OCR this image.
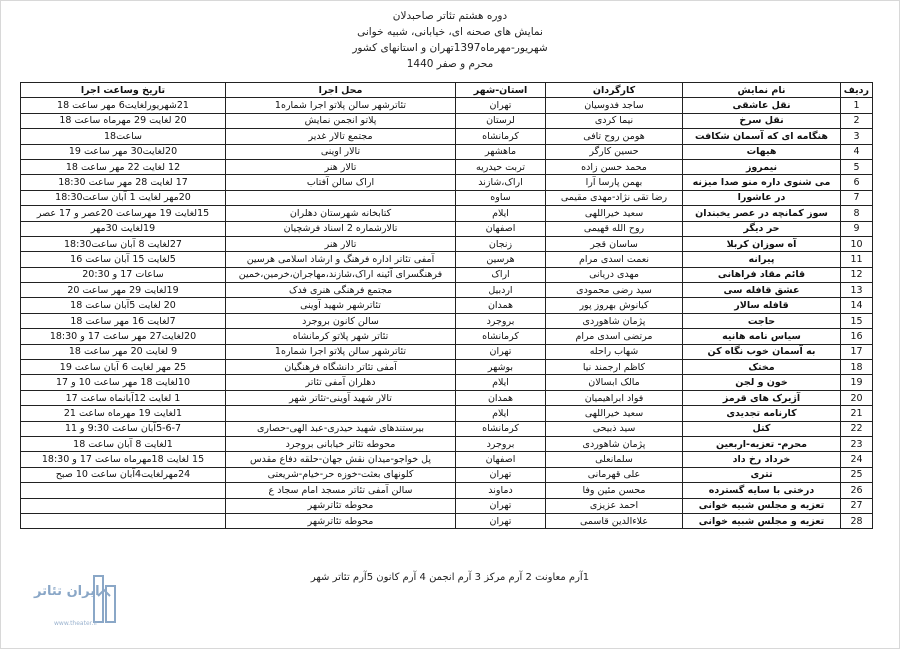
دوره هشتم تئاتر صاحبدلان
نمایش های صحنه ای، خیابانی، شبیه خوانی
شهریور-مهرماه1397تهران و استانهای کشور
محرم و صفر 1440
ردیف	نام نمایش	کارگردان	استان-شهر	محل اجرا	تاریخ وساعت اجرا
1	نقل عاشقی	ساجد فدوسیان	تهران	تئاترشهر سالن پلاتو اجرا شماره1	21شهریورلغایت6 مهر ساعت 18
2	نقل سرخ	نیما کردی	لرستان	پلاتو انجمن نمایش	20 لغایت 29 مهرماه ساعت 18
3	هنگامه ای که آسمان شکافت	هومن روح تافی	کرمانشاه	مجتمع تالار غدیر	ساعت18
4	هیهات	حسین کارگر	ماهشهر	تالار اوینی	20لغایت30 مهر ساعت 19
5	نیمروز	محمد حسن زاده	تربت حیدریه	تالار هنر	12 لغایت 22 مهر ساعت 18
6	می شنوی داره منو صدا میزنه	بهمن پارسا آرا	اراک،شازند	اراک سالن آفتاب	17 لغایت 28 مهر ساعت 18:30
7	در عاشورا	رضا تقی نژاد-مهدی مقیمی	ساوه		20مهر لغایت 1 آبان ساعت18:30
8	سوز کمانچه در عصر یخبندان	سعید خیراللهی	ایلام	کتابخانه شهرستان دهلران	15لغایت 19 مهرساعت 20عصر و 17 عصر
9	حر دیگر	روح الله قهیمی	اصفهان	تالارشماره 2 اسناد فرشچیان	19لغایت 30مهر
10	آه سوزان کربلا	ساسان قجر	زنجان	تالار هنر	27لغایت 8 آبان ساعت18:30
11	پیرانه	نعمت اسدی مرام	هرسین	آمفی تئاتر اداره فرهنگ و ارشاد اسلامی هرسین	5لغایت 15 آبان ساعت 16
12	قائم مقاد فراهانی	مهدی دریانی	اراک	فرهنگسرای آئینه اراک،شازند،مهاجران،خرمین،خمین	ساعات 17 و 20:30
13	عشق قافله سی	سید رضی محمودی	اردبیل	مجتمع فرهنگی هنری فدک	19لغایت 29 مهر ساعت 20
14	قافله سالار	کیانوش بهروز پور	همدان	تئاترشهر شهید آوینی	20 لغایت 5آبان ساعت 18
15	حاجت	پژمان شاهوردی	بروجرد	سالن کانون بروجرد	7لغایت 16 مهر ساعت 18
16	سیاس نامه هانیه	مرتضی اسدی مرام	کرمانشاه	تئاتر شهر پلاتو کرمانشاه	20لغایت27 مهر ساعت 17 و 18:30
17	به آسمان خوب نگاه کن	شهاب راحله	تهران	تئاترشهر سالن پلاتو اجرا شماره1	9 لغایت 20 مهر ساعت 18
18	مختک	کاظم ارجمند نیا	بوشهر	آمفی تئاتر دانشگاه فرهنگیان	25 مهر لغایت 6 آبان ساعت 19
19	خون و لجن	مالک ابسالان	ایلام	دهلران آمفی تئاتر	10لغایت 18 مهر ساعت 10 و 17
20	آژیرک های قرمز	فواد ابراهیمیان	همدان	تالار شهید آوینی-تئاتر شهر	1 لغایت 12آبانماه ساعت 17
21	کارنامه تجدیدی	سعید خیراللهی	ایلام		1لغایت 19 مهرماه ساعت 21
22	کتل	سید ذبیحی	کرمانشاه	بیرستندهای شهید حیدری-عبد الهی-حصاری	5-6-7آبان ساعت 9:30 و 11
23	محرم- تعزیه-اربعین	پژمان شاهوردی	بروجرد	محوطه تئاتر خیابانی بروجرد	1لغایت 8 آبان ساعت 18
24	خرداد رخ داد	سلمانعلی	اصفهان	پل خواجو-میدان نقش جهان-حلقه دفاع مقدس	15 لغایت 18مهرماه ساعت 17 و 18:30
25	تتری	علی قهرمانی	تهران	کلونهای بعثت-خوزه حر-خیام-شریعتی	24مهرلغایت4آبان ساعت 10 صبح
26	درختی با سایه گسترده	محسن مئین وفا	دماوند	سالن آمفی تئاتر مسجد امام سجاد ع	
27	تعزیه و مجلس شبیه خوانی	احمد عزیزی	تهران	محوطه تئاترشهر	
28	تعزیه و مجلس شبیه خوانی	علاءالدین قاسمی	تهران	محوطه تئاترشهر	
1آرم معاونت 2 آرم مرکز 3 آرم انجمن 4 آرم کانون 5آرم تئاتر شهر
ایران تئاتر
www.theater.ir
